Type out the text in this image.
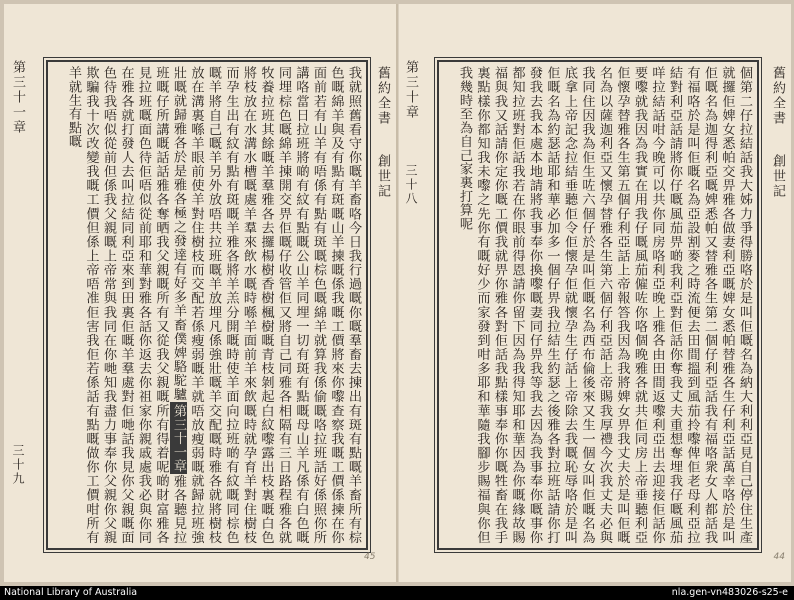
舊約全書
創世記
第三十一章
三十九	我就照舊看守你嘅羊畜咯今日我行過嘅你嘅羣畜去揀出有斑有點嘅羊畜所有棕色嘅綿羊與及有點有斑嘅山羊揀嘅係我嘅工價將來你嚟查察我嘅工價係揀在你面前若有山羊有唔係有點有斑嘅棕色嘅綿羊就算我係偷嘅咯拉班話好係照你所講咯當日拉班將啲有紋有點嘅公山羊同埋一切有斑有點嘅母山羊凡係有白色嘅同埋棕色嘅綿羊揀開交畀佢嘅仔收管佢又將自己同雅各相隔有三日路程雅各就牧養拉班其餘嘅羊羣雅各去攞楊樹香樹楓樹嘅青枝剝起白紋嚟露出枝裏嘅白色將枝放在水溝水槽嘅處羊羣來飲水嘅時喺羊面前羊來飲嘅時就孕育羊對住樹枝而孕生出有紋有點有斑嘅羊雅各將羊羔分開嘅時使羊面向拉班啲有紋嘅同棕色嘅羊將自己嘅羊另外放唔共拉班嘅羊放埋凡係強壯嘅羊交配嘅時雅各就將樹枝放在溝裏喺羊眼前使羊對住樹枝而交配若係瘦弱嘅羊就唔放瘦弱嘅就歸拉班強壯嘅就歸雅各於是雅各極之發達有好多羊畜僕婢駱駝驢第三十一章雅各聽見拉班嘅仔所講嘅話話雅各奪晒我父親嘅所有又從我父親嘅所有得着呢啲財富雅各見拉班嘅面色待佢唔似從前耶和華對雅各話你返去你祖家你親戚處我必與你同在雅各就打發人去叫拉結同利亞來到田裏佢嘅羊羣處對佢哋話我見你父親嘅面色待我唔似從前但係我父親嘅上帝常與我同在你哋知我盡力事奉你父親你父親欺騙我十次改變我嘅工價但係上帝唔准佢害我佢若係話有點嘅做你工價咁所有羊就生有點嘅
45
舊約全書
創世記
第三十章
三十八	個第二仔拉結話我大姊力爭得勝咯於是叫佢嘅名為納大利利亞見自己停住生產就攞佢婢女悉帕交畀雅各做妻利亞嘅婢女悉帕替雅各生仔利亞話萬幸咯於是叫佢嘅名為迦得利亞嘅婢悉帕又替雅各生第二個仔利亞話我有福咯衆女人都話我有福咯於是叫佢嘅名為亞設割麥之時流便去田間搵到風茄拎嚟俾佢老母利亞拉結對利亞話請將你仔嘅風茄畀啲我利亞對佢話你奪我丈夫重想奪埋我仔嘅風茄咩拉結話咁今晚可以共你同房咯利亞晚上雅各由田間返嚟利亞出去迎接佢話你要嚟就我因為我實在用我仔嘅風茄僱咗你咯個晚雅各就共佢同房上帝垂聽利亞佢懷孕替雅各生第五個仔利亞話上帝報答我因為我將婢女畀我丈夫於是叫佢嘅名為以薩迦利亞又懷孕替雅各生第六個仔利亞話上帝賜我厚禮今次我丈夫必與我同住因我為佢生咗六個仔於是叫佢嘅名為西布倫後來又生一個女叫佢嘅名為底拿上帝記念拉結垂聽佢令佢懷孕佢就懷孕生仔話上帝除去我嘅恥辱咯於是叫佢嘅名為約瑟話耶和華必加多一個仔畀我拉結生約瑟之後雅各對拉班話請你打發我去我本處本地請將我事奉你換嚟嘅妻同仔畀我等我去因為我事奉你嘅事你都知拉班對佢話我若在你眼前得恩請你留下因為我得知耶和華因為你嘅緣故賜福與我又話請你定你嘅工價我就畀你雅各對佢話我點樣事奉你你嘅牲畜在我手裏點樣你都知我未嚟之先你有嘅好少而家發到咁多耶和華隨我腳步賜福與你但我幾時至為自己家裏打算呢
44
National Library of Australia	nla.gen-vn483026-s25-e
